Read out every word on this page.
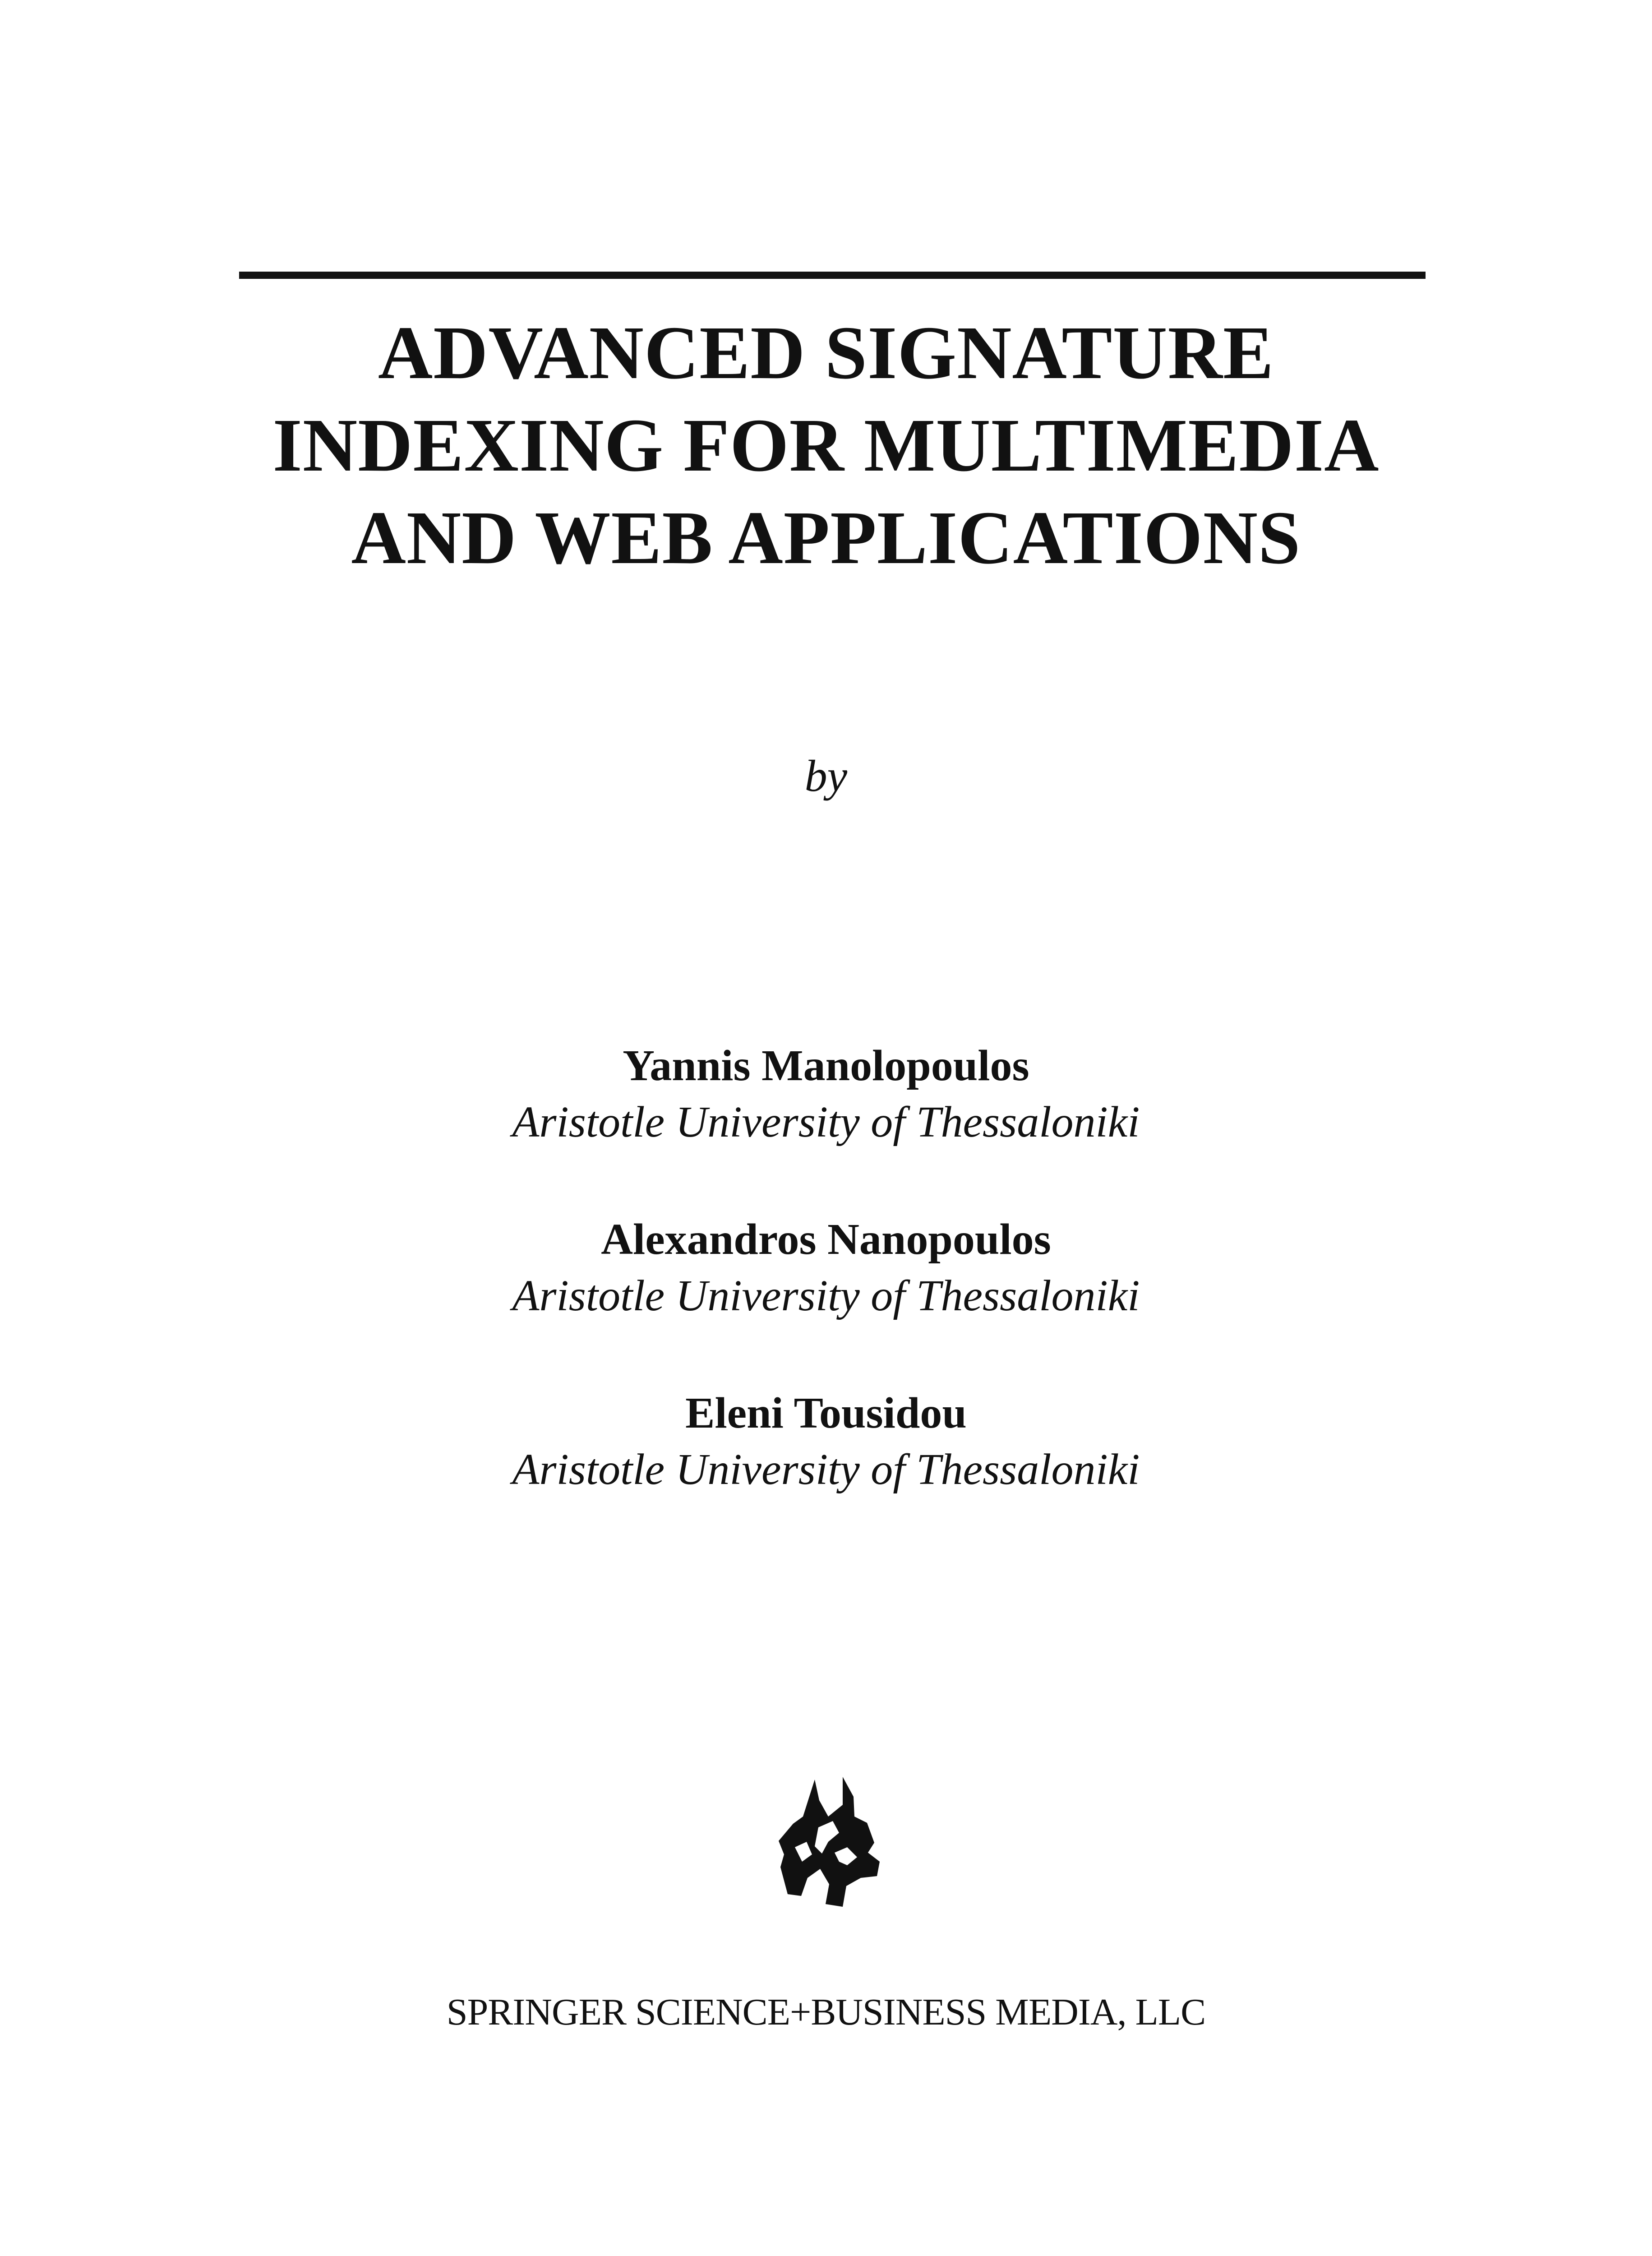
ADVANCED SIGNATURE
INDEXING FOR MULTIMEDIA
AND WEB APPLICATIONS
by
Yannis Manolopoulos
Aristotle University of Thessaloniki
Alexandros Nanopoulos
Aristotle University of Thessaloniki
Eleni Tousidou
Aristotle University of Thessaloniki
SPRINGER SCIENCE+BUSINESS MEDIA, LLC
